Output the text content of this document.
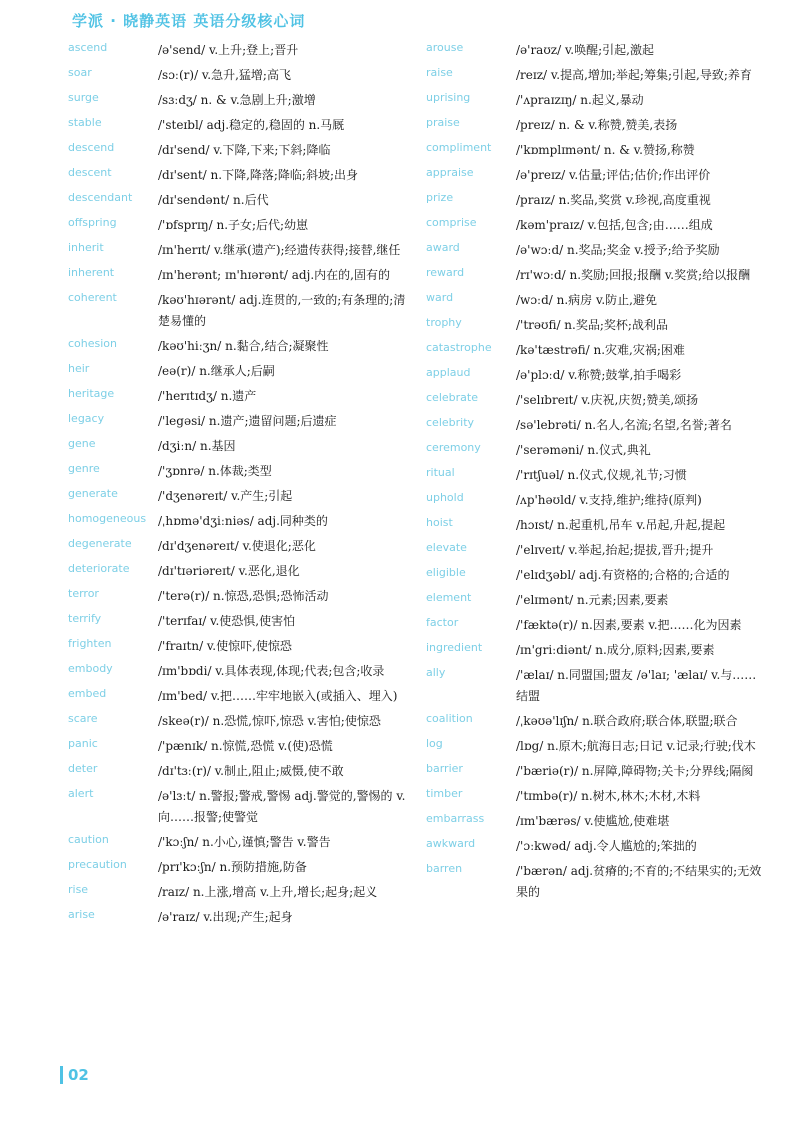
学派 · 晓静英语 英语分级核心词
ascend	/ə'send/ v.上升;登上;晋升
soar	/sɔː(r)/ v.急升,猛增;高飞
surge	/sɜːdʒ/ n. & v.急剧上升;激增
stable	/'steɪbl/ adj.稳定的,稳固的 n.马厩
descend	/dɪ'send/ v.下降,下来;下斜;降临
descent	/dɪ'sent/ n.下降,降落;降临;斜坡;出身
descendant	/dɪ'sendənt/ n.后代
offspring	/'ɒfsprɪŋ/ n.子女;后代;幼崽
inherit	/ɪn'herɪt/ v.继承(遗产);经遗传获得;接替,继任
inherent	/ɪn'herənt; ɪn'hɪərənt/ adj.内在的,固有的
coherent	/kəʊ'hɪərənt/ adj.连贯的,一致的;有条理的;清楚易懂的
cohesion	/kəʊ'hiːʒn/ n.黏合,结合;凝聚性
heir	/eə(r)/ n.继承人;后嗣
heritage	/'herɪtɪdʒ/ n.遗产
legacy	/'legəsi/ n.遗产;遗留问题;后遗症
gene	/dʒiːn/ n.基因
genre	/'ʒɒnrə/ n.体裁;类型
generate	/'dʒenəreɪt/ v.产生;引起
homogeneous /ˌhɒmə'dʒiːniəs/ adj.同种类的
degenerate	/dɪ'dʒenəreɪt/ v.使退化;恶化
deteriorate	/dɪ'tɪəriəreɪt/ v.恶化,退化
terror	/'terə(r)/ n.惊恐,恐惧;恐怖活动
terrify	/'terɪfaɪ/ v.使恐惧,使害怕
frighten	/'fraɪtn/ v.使惊吓,使惊恐
embody	/ɪm'bɒdi/ v.具体表现,体现;代表;包含;收录
embed	/ɪm'bed/ v.把……牢牢地嵌入(或插入、埋入)
scare	/skeə(r)/ n.恐慌,惊吓,惊恐 v.害怕;使惊恐
panic	/'pænɪk/ n.惊慌,恐慌 v.(使)恐慌
deter	/dɪ'tɜː(r)/ v.制止,阻止;威慑,使不敢
alert	/ə'lɜːt/ n.警报;警戒,警惕 adj.警觉的,警惕的 v.向……报警;使警觉
caution	/'kɔːʃn/ n.小心,谨慎;警告 v.警告
precaution	/prɪ'kɔːʃn/ n.预防措施,防备
rise	/raɪz/ n.上涨,增高 v.上升,增长;起身;起义
arise	/ə'raɪz/ v.出现;产生;起身
arouse	/ə'raʊz/ v.唤醒;引起,激起
raise	/reɪz/ v.提高,增加;举起;筹集;引起,导致;养育
uprising	/'ʌpraɪzɪŋ/ n.起义,暴动
praise	/preɪz/ n. & v.称赞,赞美,表扬
compliment	/'kɒmplɪmənt/ n. & v.赞扬,称赞
appraise	/ə'preɪz/ v.估量;评估;估价;作出评价
prize	/praɪz/ n.奖品,奖赏 v.珍视,高度重视
comprise	/kəm'praɪz/ v.包括,包含;由……组成
award	/ə'wɔːd/ n.奖品;奖金 v.授予;给予奖励
reward	/rɪ'wɔːd/ n.奖励;回报;报酬 v.奖赏;给以报酬
ward	/wɔːd/ n.病房 v.防止,避免
trophy	/'trəʊfi/ n.奖品;奖杯;战利品
catastrophe	/kə'tæstrəfi/ n.灾难,灾祸;困难
applaud	/ə'plɔːd/ v.称赞;鼓掌,拍手喝彩
celebrate	/'selɪbreɪt/ v.庆祝,庆贺;赞美,颂扬
celebrity	/sə'lebrəti/ n.名人,名流;名望,名誉;著名
ceremony	/'serəməni/ n.仪式,典礼
ritual	/'rɪtʃuəl/ n.仪式,仪规,礼节;习惯
uphold	/ʌp'həʊld/ v.支持,维护;维持(原判)
hoist	/hɔɪst/ n.起重机,吊车 v.吊起,升起,提起
elevate	/'elɪveɪt/ v.举起,抬起;提拔,晋升;提升
eligible	/'elɪdʒəbl/ adj.有资格的;合格的;合适的
element	/'elɪmənt/ n.元素;因素,要素
factor	/'fæktə(r)/ n.因素,要素 v.把……化为因素
ingredient	/ɪn'griːdiənt/ n.成分,原料;因素,要素
ally	/'ælaɪ/ n.同盟国;盟友 /ə'laɪ; 'ælaɪ/ v.与……结盟
coalition	/ˌkəʊə'lɪʃn/ n.联合政府;联合体,联盟;联合
log	/lɒg/ n.原木;航海日志;日记 v.记录;行驶;伐木
barrier	/'bæriə(r)/ n.屏障,障碍物;关卡;分界线;隔阂
timber	/'tɪmbə(r)/ n.树木,林木;木材,木料
embarrass	/ɪm'bærəs/ v.使尴尬,使难堪
awkward	/'ɔːkwəd/ adj.令人尴尬的;笨拙的
barren	/'bærən/ adj.贫瘠的;不育的;不结果实的;无效果的
02
